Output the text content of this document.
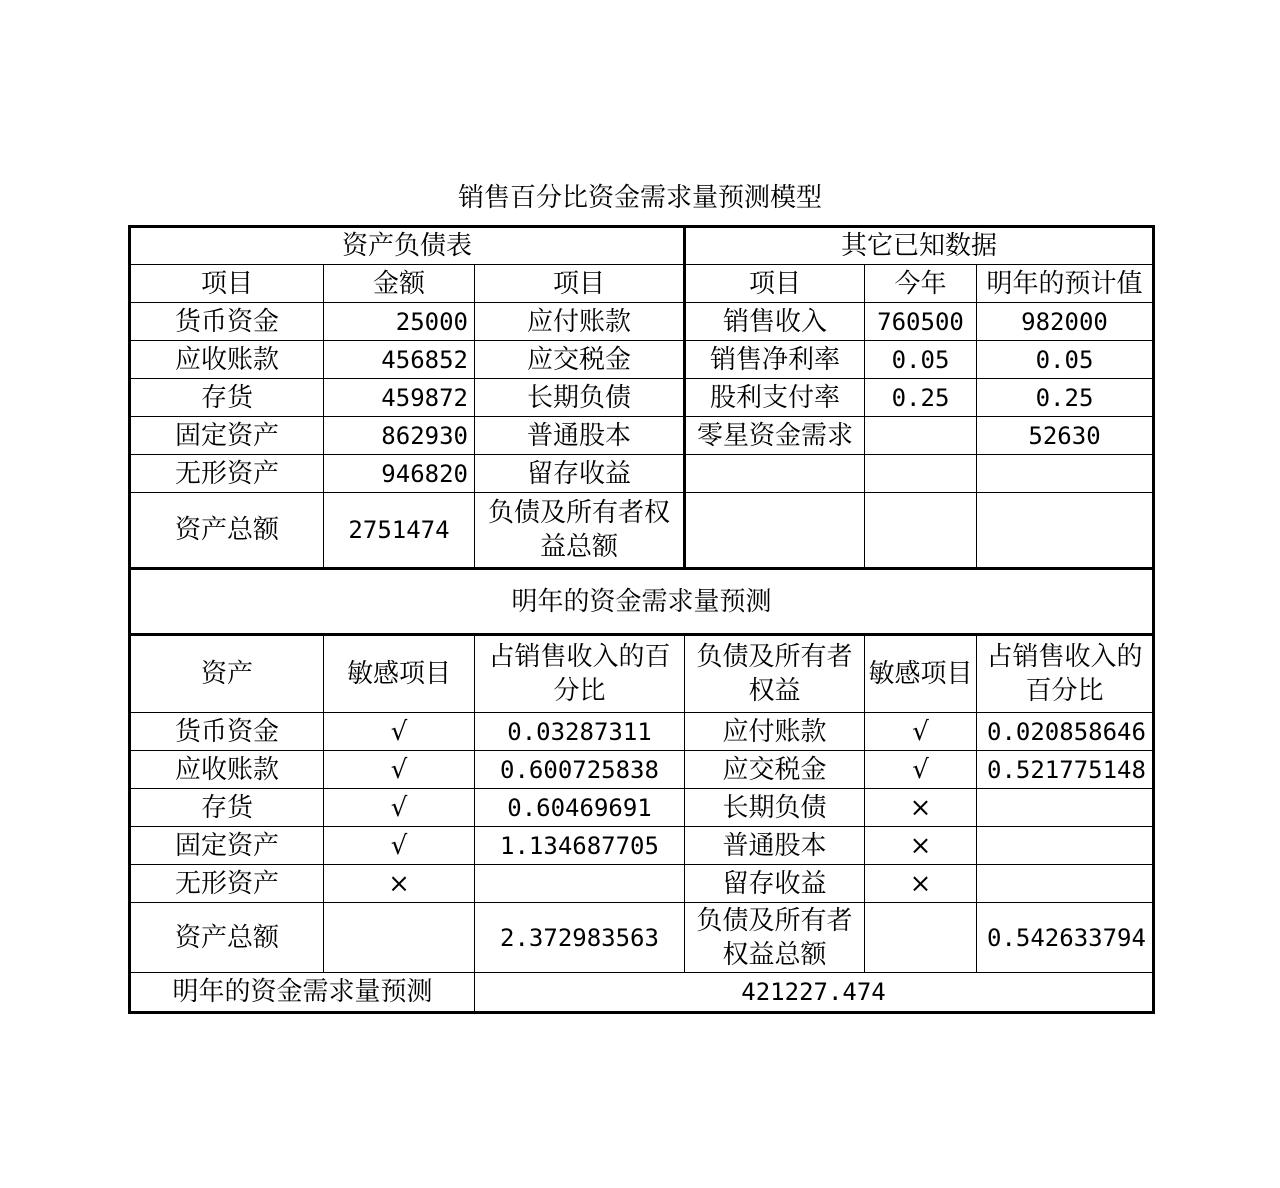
销售百分比资金需求量预测模型
资产负债表			其它已知数据		
项目	金额	项目	项目	今年	明年的预计值
货币资金	25000	应付账款	销售收入	760500	982000
应收账款	456852	应交税金	销售净利率	0.05	0.05
存货	459872	长期负债	股利支付率	0.25	0.25
固定资产	862930	普通股本	零星资金需求		52630
无形资产	946820	留存收益			
资产总额	2751474	负债及所有者权益总额			
明年的资金需求量预测					
资产	敏感项目	占销售收入的百分比	负债及所有者权益	敏感项目	占销售收入的百分比
货币资金	√	0.03287311	应付账款	√	0.020858646
应收账款	√	0.600725838	应交税金	√	0.521775148
存货	√	0.60469691	长期负债	×	
固定资产	√	1.134687705	普通股本	×	
无形资产	×		留存收益	×	
资产总额		2.372983563	负债及所有者权益总额		0.542633794
明年的资金需求量预测		421227.474			
